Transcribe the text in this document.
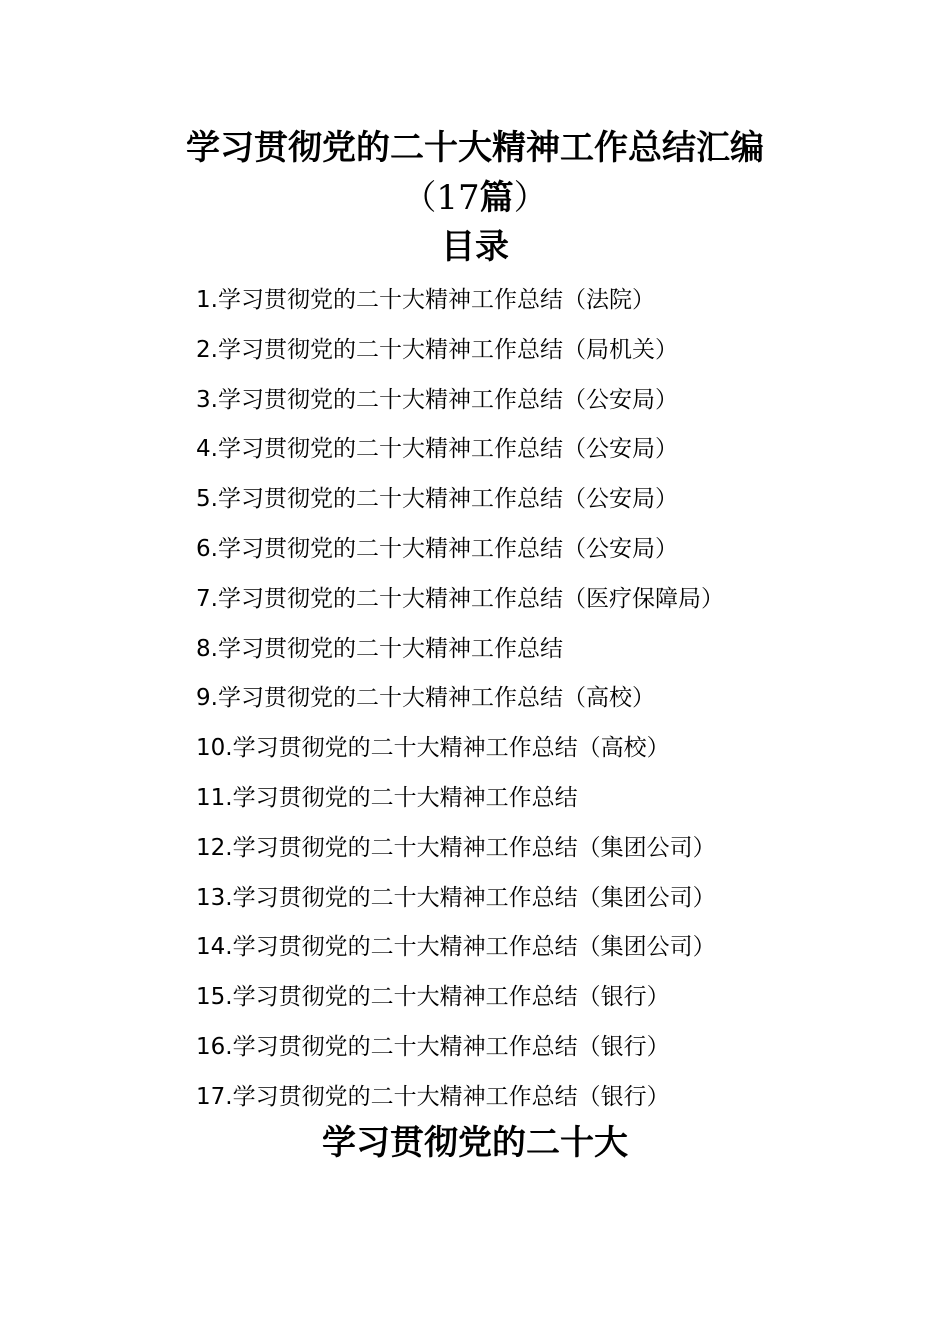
学习贯彻党的二十大精神工作总结汇编
（17篇）
目录
1.学习贯彻党的二十大精神工作总结（法院）
2.学习贯彻党的二十大精神工作总结（局机关）
3.学习贯彻党的二十大精神工作总结（公安局）
4.学习贯彻党的二十大精神工作总结（公安局）
5.学习贯彻党的二十大精神工作总结（公安局）
6.学习贯彻党的二十大精神工作总结（公安局）
7.学习贯彻党的二十大精神工作总结（医疗保障局）
8.学习贯彻党的二十大精神工作总结
9.学习贯彻党的二十大精神工作总结（高校）
10.学习贯彻党的二十大精神工作总结（高校）
11.学习贯彻党的二十大精神工作总结
12.学习贯彻党的二十大精神工作总结（集团公司）
13.学习贯彻党的二十大精神工作总结（集团公司）
14.学习贯彻党的二十大精神工作总结（集团公司）
15.学习贯彻党的二十大精神工作总结（银行）
16.学习贯彻党的二十大精神工作总结（银行）
17.学习贯彻党的二十大精神工作总结（银行）
学习贯彻党的二十大
